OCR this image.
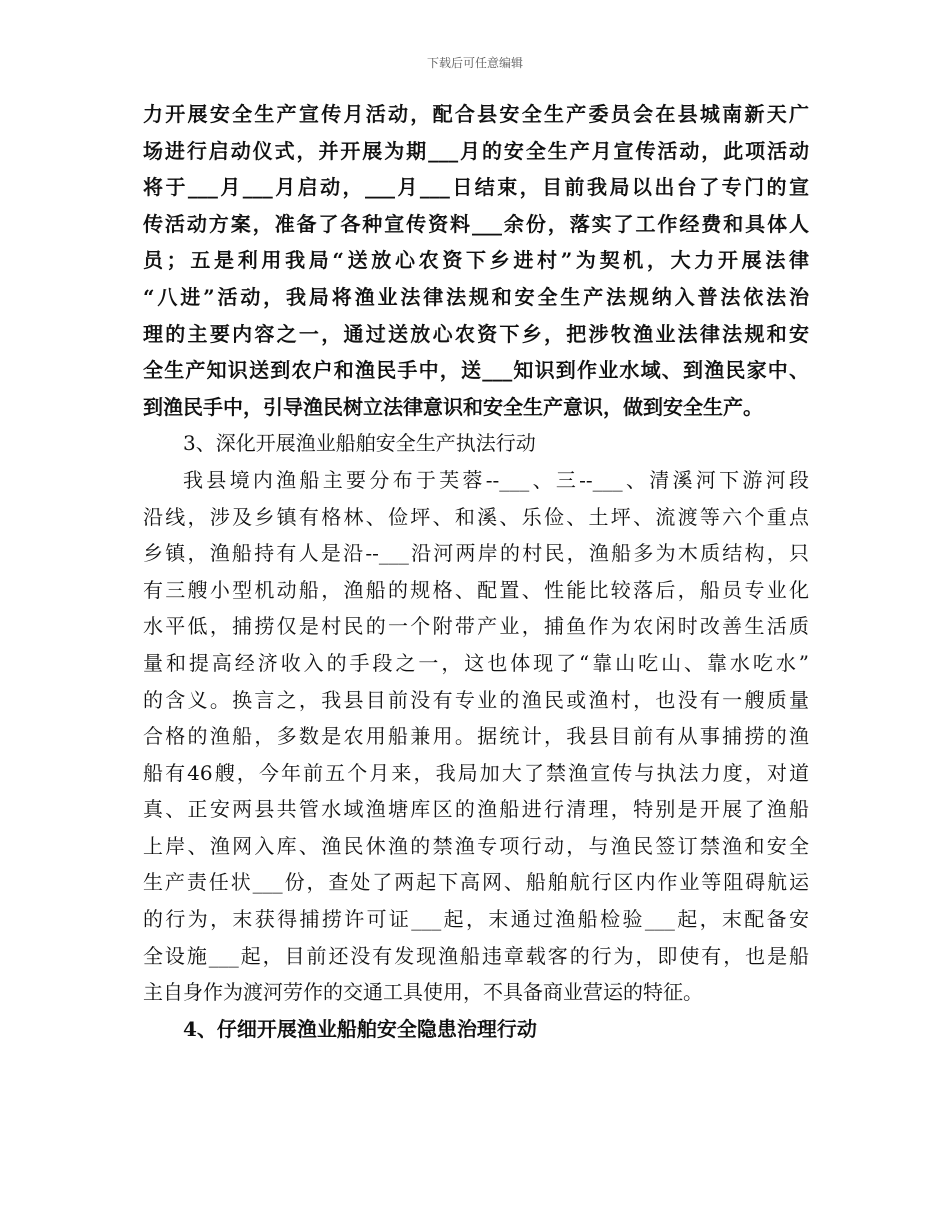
下载后可任意编辑
力开展安全生产宣传月活动，配合县安全生产委员会在县城南新天广
场进行启动仪式，并开展为期___月的安全生产月宣传活动，此项活动
将于___月___月启动，___月___日结束，目前我局以出台了专门的宣
传活动方案，准备了各种宣传资料___余份，落实了工作经费和具体人
员；五是利用我局“送放心农资下乡进村”为契机，大力开展法律
“八进”活动，我局将渔业法律法规和安全生产法规纳入普法依法治
理的主要内容之一，通过送放心农资下乡，把涉牧渔业法律法规和安
全生产知识送到农户和渔民手中，送___知识到作业水域、到渔民家中、
到渔民手中，引导渔民树立法律意识和安全生产意识，做到安全生产。
3、深化开展渔业船舶安全生产执法行动
我县境内渔船主要分布于芙蓉--___、三--___、清溪河下游河段
沿线，涉及乡镇有格林、俭坪、和溪、乐俭、土坪、流渡等六个重点
乡镇，渔船持有人是沿--___沿河两岸的村民，渔船多为木质结构，只
有三艘小型机动船，渔船的规格、配置、性能比较落后，船员专业化
水平低，捕捞仅是村民的一个附带产业，捕鱼作为农闲时改善生活质
量和提高经济收入的手段之一，这也体现了“靠山吃山、靠水吃水”
的含义。换言之，我县目前没有专业的渔民或渔村，也没有一艘质量
合格的渔船，多数是农用船兼用。据统计，我县目前有从事捕捞的渔
船有46艘，今年前五个月来，我局加大了禁渔宣传与执法力度，对道
真、正安两县共管水域渔塘库区的渔船进行清理，特别是开展了渔船
上岸、渔网入库、渔民休渔的禁渔专项行动，与渔民签订禁渔和安全
生产责任状___份，查处了两起下高网、船舶航行区内作业等阻碍航运
的行为，末获得捕捞许可证___起，末通过渔船检验___起，末配备安
全设施___起，目前还没有发现渔船违章载客的行为，即使有，也是船
主自身作为渡河劳作的交通工具使用，不具备商业营运的特征。
4、仔细开展渔业船舶安全隐患治理行动
